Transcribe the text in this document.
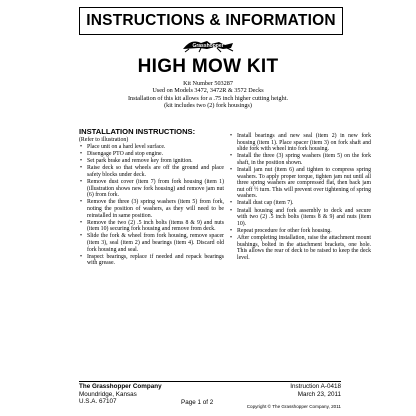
INSTRUCTIONS & INFORMATION
Grasshopper
HIGH MOW KIT
Kit Number 503287
Used on Models 3472, 3472R & 3572 Decks
Installation of this kit allows for a .75 inch higher cutting height.
(kit includes two (2) fork housings)
INSTALLATION INSTRUCTIONS:
(Refer to illustration)
• Place unit on a hard level surface.
• Disengage PTO and stop engine.
• Set park brake and remove key from ignition.
• Raise deck so that wheels are off the ground and place safety blocks under deck.
• Remove dust cover (item 7) from fork housing (item 1) (illustration shows new fork housing) and remove jam nut (6) from fork.
• Remove the three (3) spring washers (item 5) from fork, noting the position of washers, as they will need to be reinstalled in same position.
• Remove the two (2) .5 inch bolts (items 8 & 9) and nuts (item 10) securing fork housing and remove from deck.
• Slide the fork & wheel from fork housing, remove spacer (item 3), seal (item 2) and bearings (item 4). Discard old fork housing and seal.
• Inspect bearings, replace if needed and repack bearings with grease.
• Install bearings and new seal (item 2) in new fork housing (item 1). Place spacer (item 3) on fork shaft and slide fork with wheel into fork housing.
• Install the three (3) spring washers (item 5) on the fork shaft, in the position shown.
• Install jam nut (item 6) and tighten to compress spring washers. To apply proper torque, tighten jam nut until all three spring washers are compressed flat, then back jam nut off ½ turn. This will prevent over tightening of spring washers.
• Install dust cap (item 7).
• Install housing and fork assembly to deck and secure with two (2) .5 inch bolts (items 8 & 9) and nuts (item 10).
• Repeat procedure for other fork housing.
• After completing installation, raise the attachment mount bushings, bolted in the attachment brackets, one hole. This allows the rear of deck to be raised to keep the deck level.
The Grasshopper Company
Moundridge, Kansas
U.S.A. 67107	Page 1 of 2
Instruction A-0418
March 23, 2011
Copyright © The Grasshopper Company, 2011
